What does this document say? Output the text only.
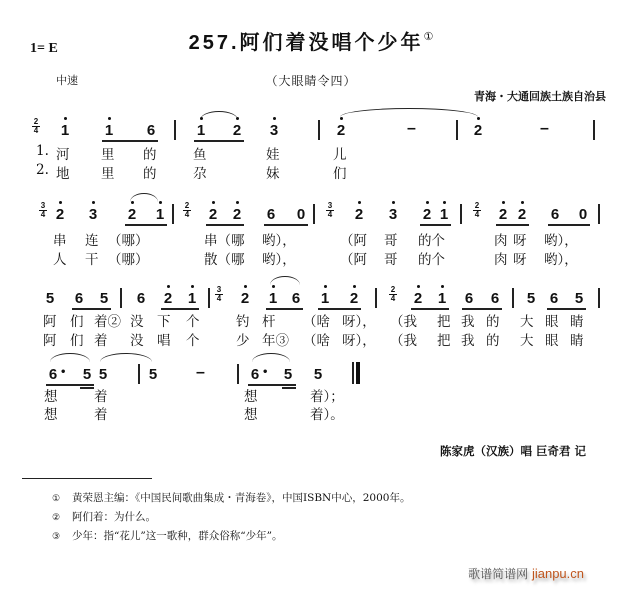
257.阿们着没唱个少年①
1= E
中速	（大眼睛令四）
青海・大通回族土族自治县
2
4 1 1 6	1 2 3	2	–	2	–
1. 河 里 的	鱼	娃	儿
2. 地 里 的	尕	妹	们
3
4 2 3 2 1
2
4 2 2 6 0
3
4 2 3 2 1
2
4 2 2 6 0
串 连 （哪）	串（哪 哟），	（阿 哥 的个	肉 呀 哟），
人 干 （哪）	散（哪 哟），	（阿 哥 的个	肉 呀 哟），
5 6 5 6 2 1
3
4 2 1 6 1 2
2
4 2 1 6 6 5 6 5
阿 们 着② 没 下 个	钓 杆 （啥 呀）， （我 把 我 的 大 眼 睛
阿 们 着 没 唱 个	少 年③ （啥 呀）， （我 把 我 的 大 眼 睛
6 • 5 5	5 –	6 • 5 5
想	着	想	着）；
想	着	想	着）。
陈家虎（汉族）唱 巨奇君 记
① 黄荣恩主编：《中国民间歌曲集成・青海卷》，中国ISBN中心，2000年。
② 阿们着：为什么。
③ 少年：指“花儿”这一歌种，群众俗称“少年”。
歌谱简谱网 jianpu.cn
